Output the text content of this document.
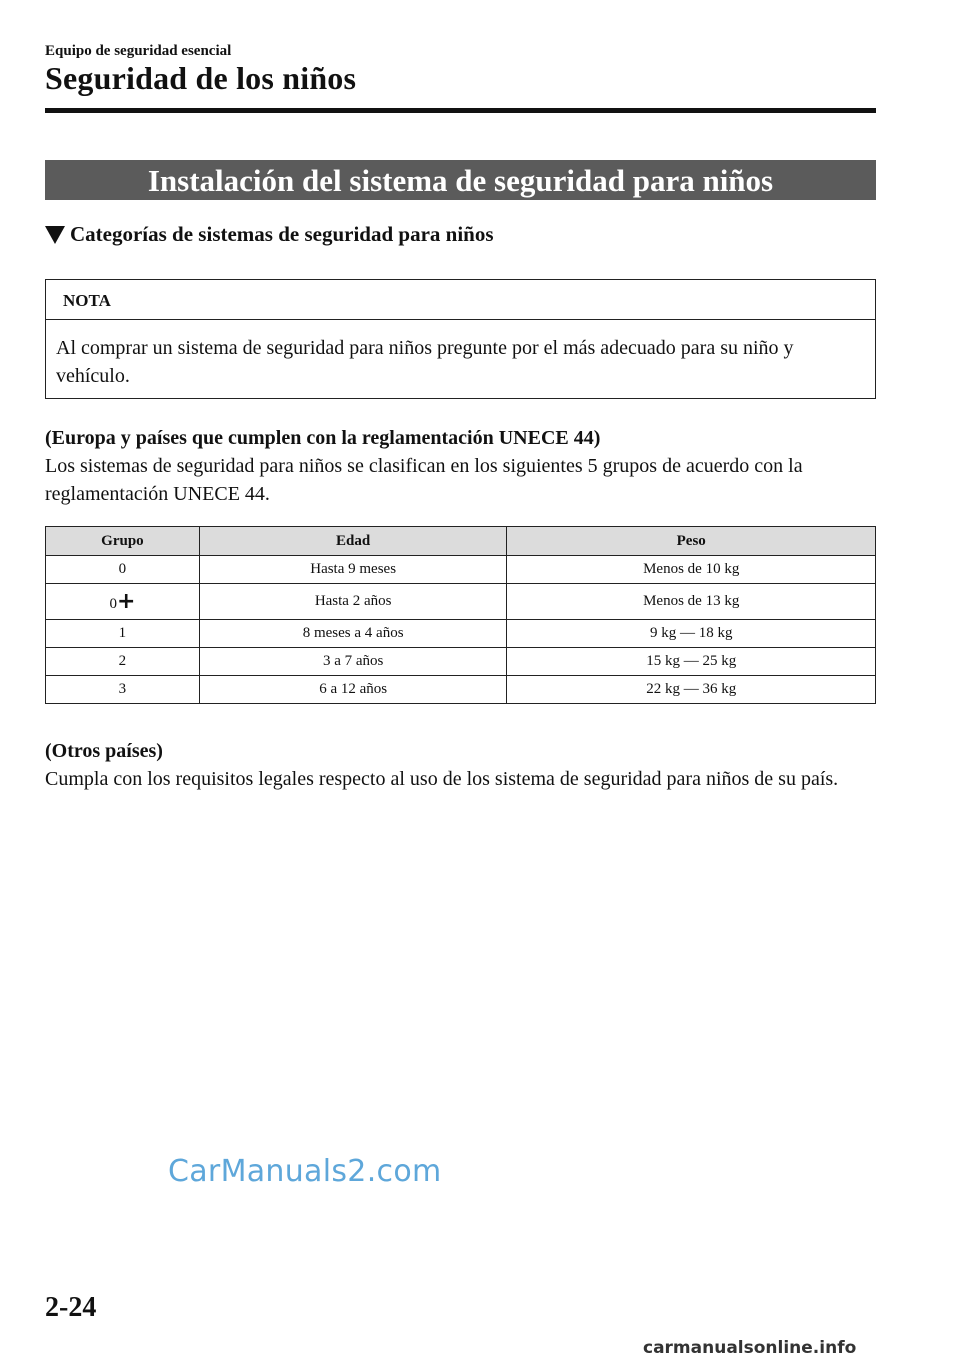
Equipo de seguridad esencial
Seguridad de los niños
Instalación del sistema de seguridad para niños
Categorías de sistemas de seguridad para niños
NOTA
Al comprar un sistema de seguridad para niños pregunte por el más adecuado para su niño y vehículo.
(Europa y países que cumplen con la reglamentación UNECE 44)
Los sistemas de seguridad para niños se clasifican en los siguientes 5 grupos de acuerdo con la reglamentación UNECE 44.
Grupo	Edad	Peso
0	Hasta 9 meses	Menos de 10 kg
0+	Hasta 2 años	Menos de 13 kg
1	8 meses a 4 años	9 kg — 18 kg
2	3 a 7 años	15 kg — 25 kg
3	6 a 12 años	22 kg — 36 kg
(Otros países)
Cumpla con los requisitos legales respecto al uso de los sistema de seguridad para niños de su país.
CarManuals2.com
2-24
carmanualsonline.info
